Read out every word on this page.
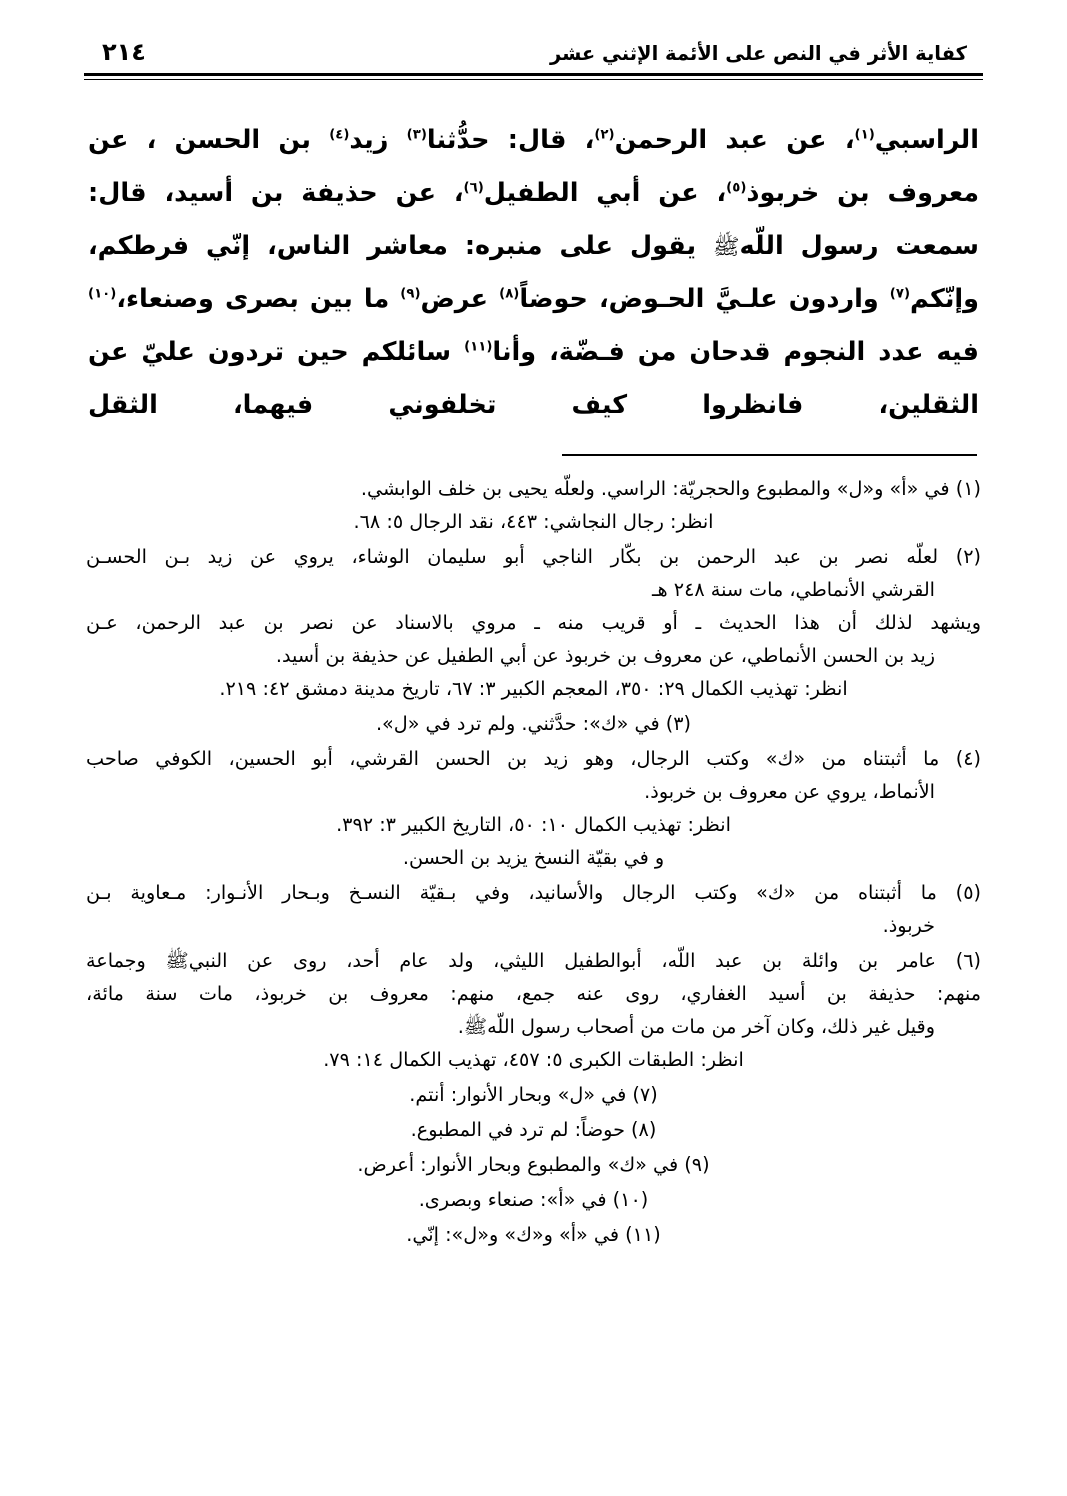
كفاية الأثر في النص على الأئمة الإثني عشر
٢١٤
الراسبي$^{(١)}$، عن عبد الرحمن$^{(٢)}$، قال: حدُّثنا$^{(٣)}$ زيد$^{(٤)}$ بن الحسن ، عن معروف بن خربوذ$^{(٥)}$، عن أبي الطفيل$^{(٦)}$، عن حذيفة بن أسيد، قال: سمعت رسول اللّهﷺ يقول على منبره: معاشر الناس، إنّي فرطكم، وإنّكم$^{(٧)}$ واردون علـيَّ الحـوض، حوضاً$^{(٨)}$ عرض$^{(٩)}$ ما بين بصرى وصنعاء،$^{(١٠)}$ فيه عدد النجوم قدحان من فـضّة، وأنا$^{(١١)}$ سائلكم حين تردون عليّ عن الثقلين، فانظروا كيف تخلفوني فيهما، الثقل

(١) في «أ» و«ل» والمطبوع والحجريّة: الراسي. ولعلّه يحيى بن خلف الوابشي.

انظر: رجال النجاشي: ٤٤٣، نقد الرجال ٥: ٦٨.

(٢) لعلّه نصر بن عبد الرحمن بن بكّار الناجي أبو سليمان الوشاء، يروي عن زيد بـن الحسـن

القرشي الأنماطي، مات سنة ٢٤٨ هـ

ويشهد لذلك أن هذا الحديث ـ أو قريب منه ـ مروي بالاسناد عن نصر بن عبد الرحمن، عـن

زيد بن الحسن الأنماطي، عن معروف بن خربوذ عن أبي الطفيل عن حذيفة بن أسيد.

انظر: تهذيب الكمال ٢٩: ٣٥٠، المعجم الكبير ٣: ٦٧، تاريخ مدينة دمشق ٤٢: ٢١٩.

(٣) في «ك»: حدَّثني. ولم ترد في «ل».

(٤) ما أثبتناه من «ك» وكتب الرجال، وهو زيد بن الحسن القرشي، أبو الحسين، الكوفي صاحب

الأنماط، يروي عن معروف بن خربوذ.

انظر: تهذيب الكمال ١٠: ٥٠، التاريخ الكبير ٣: ٣٩٢.

و في بقيّة النسخ يزيد بن الحسن.

(٥) ما أثبتناه من «ك» وكتب الرجال والأسانيد، وفي بـقيّة النسـخ وبـحار الأنـوار: مـعاوية بـن

خربوذ.

(٦) عامر بن وائلة بن عبد اللّه، أبوالطفيل الليثي، ولد عام أحد، روى عن النبيﷺ وجماعة

منهم: حذيفة بن أسيد الغفاري، روى عنه جمع، منهم: معروف بن خربوذ، مات سنة مائة،

وقيل غير ذلك، وكان آخر من مات من أصحاب رسول اللّهﷺ.

انظر: الطبقات الكبرى ٥: ٤٥٧، تهذيب الكمال ١٤: ٧٩.

(٧) في «ل» وبحار الأنوار: أنتم.

(٨) حوضاً: لم ترد في المطبوع.

(٩) في «ك» والمطبوع وبحار الأنوار: أعرض.

(١٠) في «أ»: صنعاء وبصرى.

(١١) في «أ» و«ك» و«ل»: إنّي.
